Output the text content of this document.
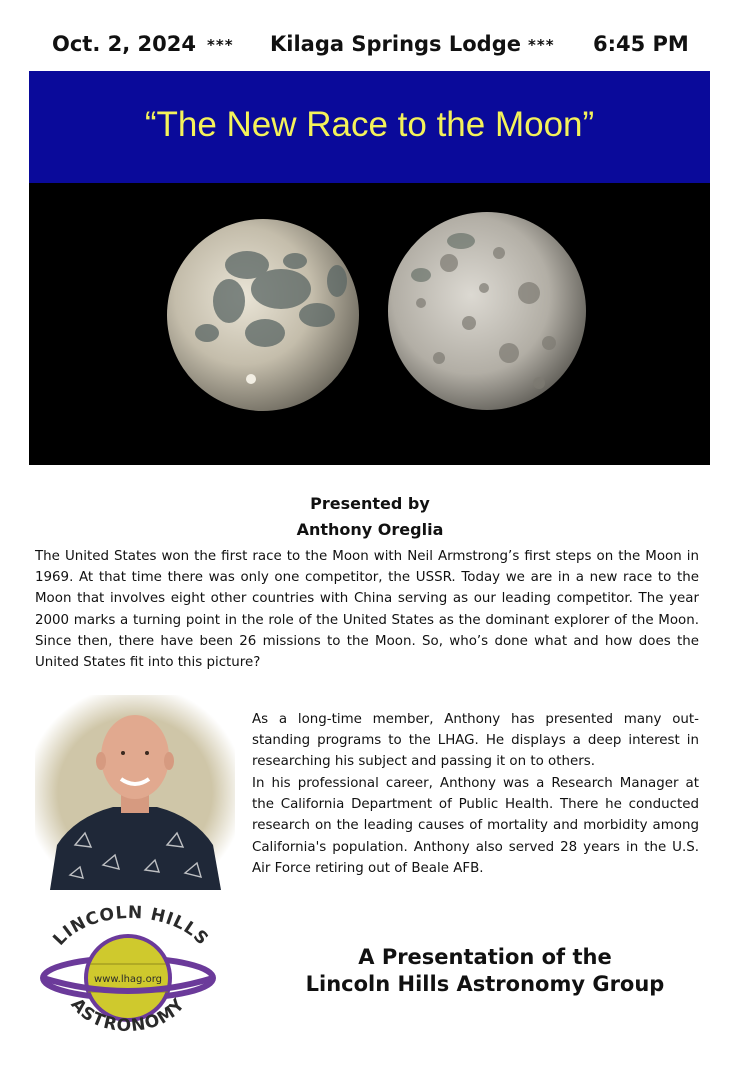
Oct. 2, 2024 *** Kilaga Springs Lodge *** 6:45 PM
“The New Race to the Moon”
Presented by
Anthony Oreglia

The United States won the first race to the Moon with Neil Armstrong’s first steps on the Moon in 1969. At that time there was only one competitor, the USSR. Today we are in a new race to the Moon that involves eight other countries with China serving as our leading competitor. The year 2000 marks a turning point in the role of the United States as the dominant explorer of the Moon. Since then, there have been 26 missions to the Moon. So, who’s done what and how does the United States fit into this picture?

As a long-time member, Anthony has presented many out-standing programs to the LHAG. He displays a deep interest in researching his subject and passing it on to others.

In his professional career, Anthony was a Research Manager at the California Department of Public Health. There he conducted research on the leading causes of mortality and morbidity among California's population. Anthony also served 28 years in the U.S. Air Force retiring out of Beale AFB.

LINCOLN HILLS
www.lhag.org
ASTRONOMY
A Presentation of the
Lincoln Hills Astronomy Group
